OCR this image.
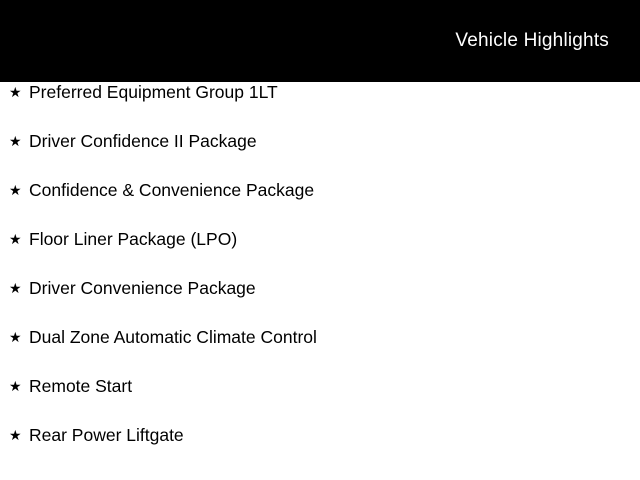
Vehicle Highlights
★ Preferred Equipment Group 1LT
★ Driver Confidence II Package
★ Confidence & Convenience Package
★ Floor Liner Package (LPO)
★ Driver Convenience Package
★ Dual Zone Automatic Climate Control
★ Remote Start
★ Rear Power Liftgate
